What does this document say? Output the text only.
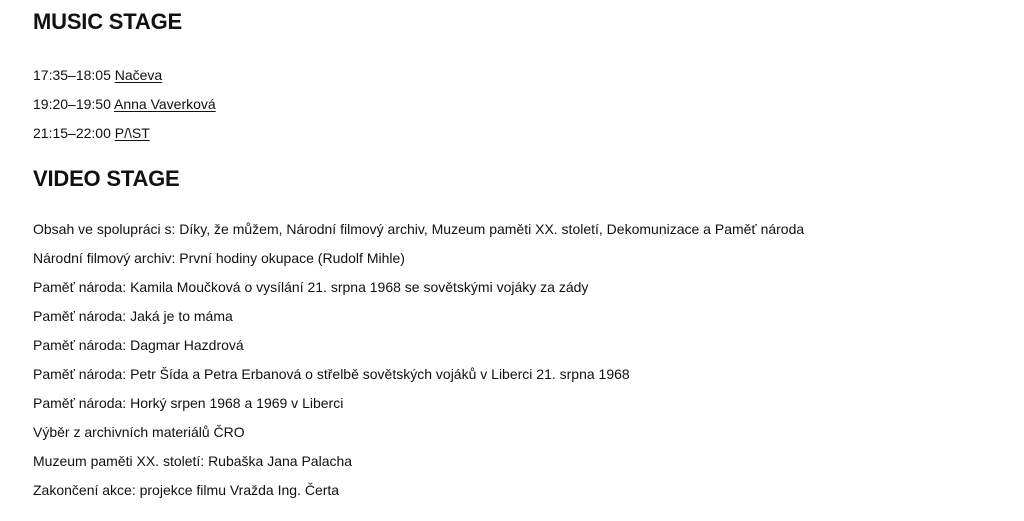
MUSIC STAGE
17:35–18:05 Načeva
19:20–19:50 Anna Vaverková
21:15–22:00 P/\ST
VIDEO STAGE
Obsah ve spolupráci s: Díky, že můžem, Národní filmový archiv, Muzeum paměti XX. století, Dekomunizace a Paměť národa
Národní filmový archiv: První hodiny okupace (Rudolf Mihle)
Paměť národa: Kamila Moučková o vysílání 21. srpna 1968 se sovětskými vojáky za zády
Paměť národa: Jaká je to máma
Paměť národa: Dagmar Hazdrová
Paměť národa: Petr Šída a Petra Erbanová o střelbě sovětských vojáků v Liberci 21. srpna 1968
Paměť národa: Horký srpen 1968 a 1969 v Liberci
Výběr z archivních materiálů ČRO
Muzeum paměti XX. století: Rubaška Jana Palacha
Zakončení akce: projekce filmu Vražda Ing. Čerta
